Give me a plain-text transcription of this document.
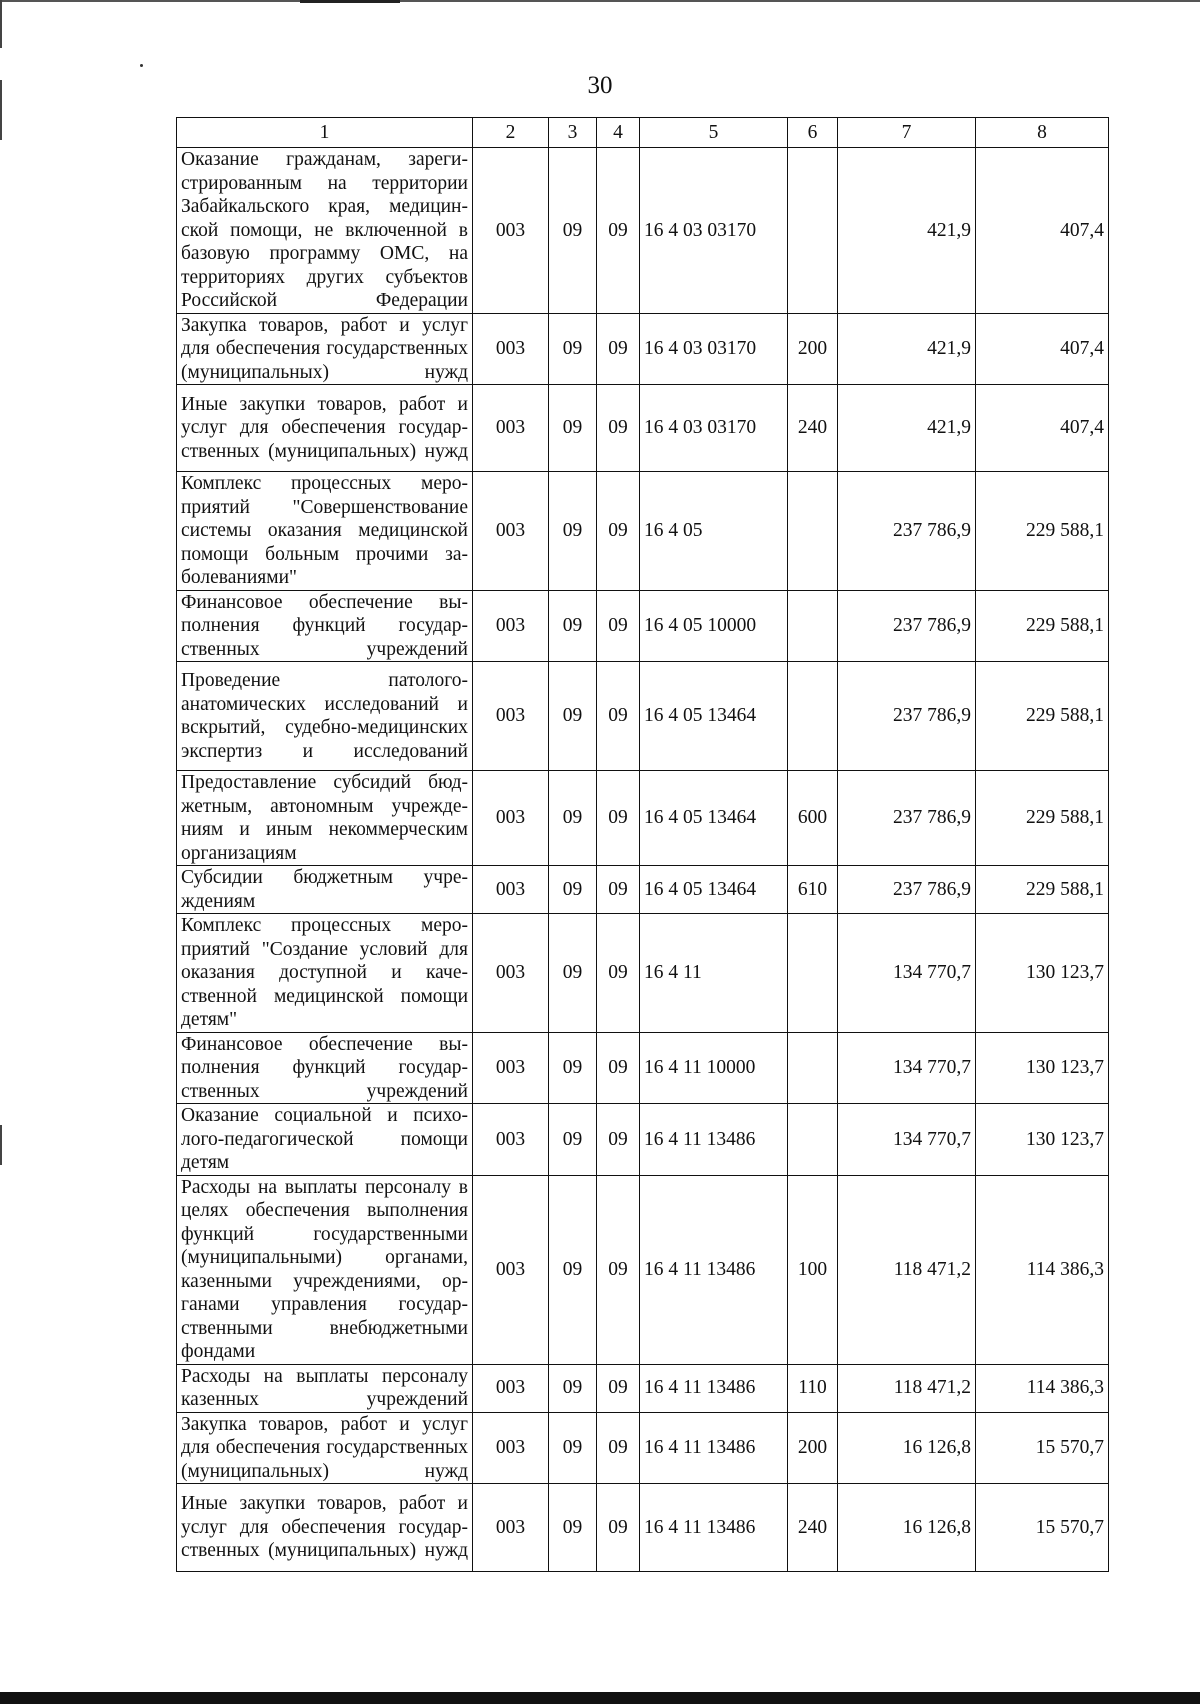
30
1	2	3	4	5	6	7	8
Оказание гражданам, зарегистрированным на территории Забайкальского края, медицинской помощи, не включенной в базовую программу ОМС, на территориях других субъектов Российской Федерации	003	09	09	16 4 03 03170		421,9	407,4
Закупка товаров, работ и услуг для обеспечения государственных (муниципальных) нужд	003	09	09	16 4 03 03170	200	421,9	407,4
Иные закупки товаров, работ и услуг для обеспечения государственных (муниципальных) нужд	003	09	09	16 4 03 03170	240	421,9	407,4
Комплекс процессных мероприятий "Совершенствование системы оказания медицинской помощи больным прочими заболеваниями"	003	09	09	16 4 05		237 786,9	229 588,1
Финансовое обеспечение выполнения функций государственных учреждений	003	09	09	16 4 05 10000		237 786,9	229 588,1
Проведение патолого-анатомических исследований и вскрытий, судебно-медицинских экспертиз и исследований	003	09	09	16 4 05 13464		237 786,9	229 588,1
Предоставление субсидий бюджетным, автономным учреждениям и иным некоммерческим организациям	003	09	09	16 4 05 13464	600	237 786,9	229 588,1
Субсидии бюджетным учреждениям	003	09	09	16 4 05 13464	610	237 786,9	229 588,1
Комплекс процессных мероприятий "Создание условий для оказания доступной и качественной медицинской помощи детям"	003	09	09	16 4 11		134 770,7	130 123,7
Финансовое обеспечение выполнения функций государственных учреждений	003	09	09	16 4 11 10000		134 770,7	130 123,7
Оказание социальной и психолого-педагогической помощи детям	003	09	09	16 4 11 13486		134 770,7	130 123,7
Расходы на выплаты персоналу в целях обеспечения выполнения функций государственными (муниципальными) органами, казенными учреждениями, органами управления государственными внебюджетными фондами	003	09	09	16 4 11 13486	100	118 471,2	114 386,3
Расходы на выплаты персоналу казенных учреждений	003	09	09	16 4 11 13486	110	118 471,2	114 386,3
Закупка товаров, работ и услуг для обеспечения государственных (муниципальных) нужд	003	09	09	16 4 11 13486	200	16 126,8	15 570,7
Иные закупки товаров, работ и услуг для обеспечения государственных (муниципальных) нужд	003	09	09	16 4 11 13486	240	16 126,8	15 570,7
